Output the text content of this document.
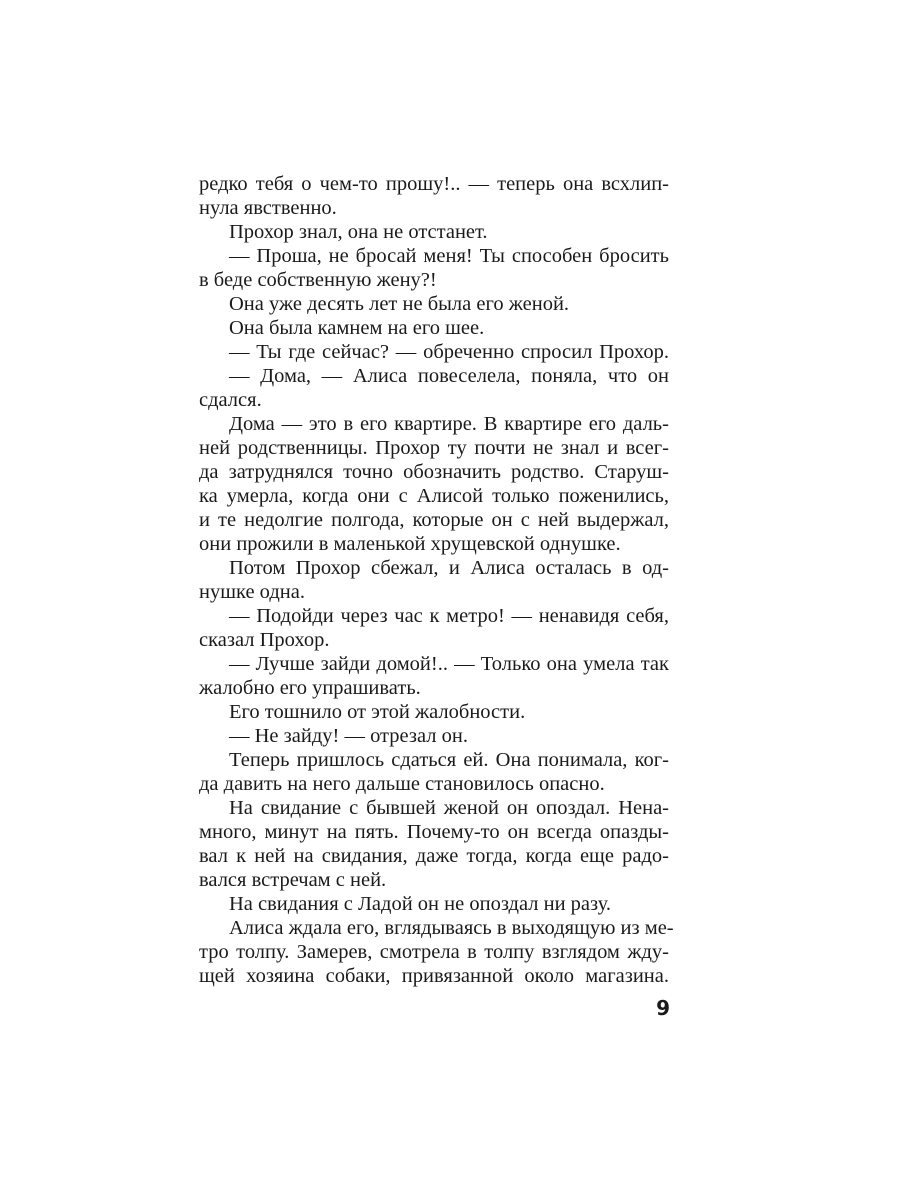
редко тебя о чем-то прошу!.. — теперь она всхлип-
нула явственно.
Прохор знал, она не отстанет.
— Проша, не бросай меня! Ты способен бросить
в беде собственную жену?!
Она уже десять лет не была его женой.
Она была камнем на его шее.
— Ты где сейчас? — обреченно спросил Прохор.
— Дома, — Алиса повеселела, поняла, что он
сдался.
Дома — это в его квартире. В квартире его даль-
ней родственницы. Прохор ту почти не знал и всег-
да затруднялся точно обозначить родство. Старуш-
ка умерла, когда они с Алисой только поженились,
и те недолгие полгода, которые он с ней выдержал,
они прожили в маленькой хрущевской однушке.
Потом Прохор сбежал, и Алиса осталась в од-
нушке одна.
— Подойди через час к метро! — ненавидя себя,
сказал Прохор.
— Лучше зайди домой!.. — Только она умела так
жалобно его упрашивать.
Его тошнило от этой жалобности.
— Не зайду! — отрезал он.
Теперь пришлось сдаться ей. Она понимала, ког-
да давить на него дальше становилось опасно.
На свидание с бывшей женой он опоздал. Нена-
много, минут на пять. Почему-то он всегда опазды-
вал к ней на свидания, даже тогда, когда еще радо-
вался встречам с ней.
На свидания с Ладой он не опоздал ни разу.
Алиса ждала его, вглядываясь в выходящую из ме-
тро толпу. Замерев, смотрела в толпу взглядом жду-
щей хозяина собаки, привязанной около магазина.
9
